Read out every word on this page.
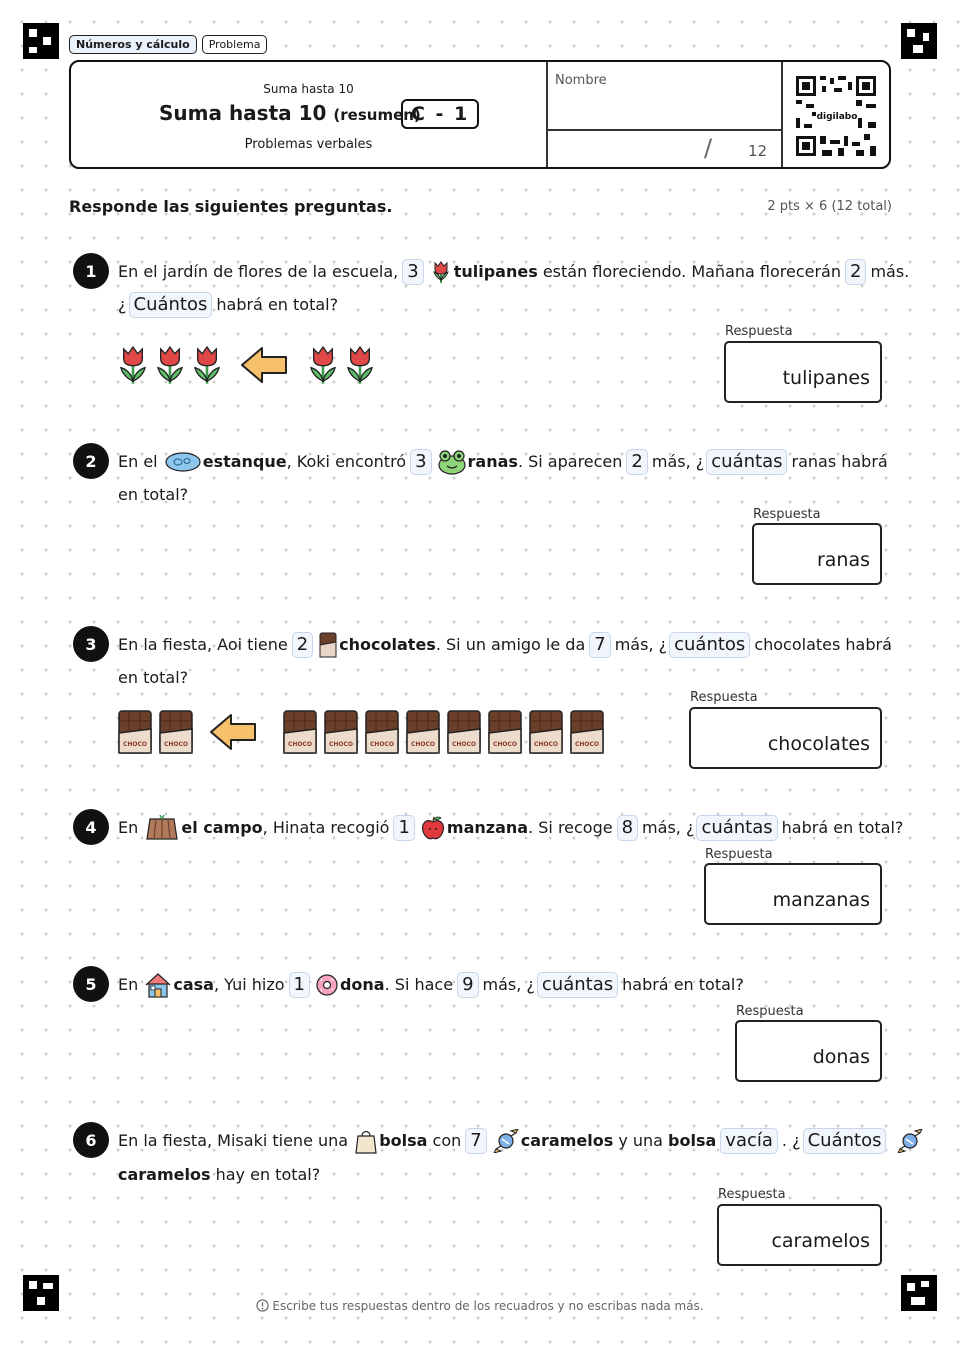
Números y cálculo	Problema
Suma hasta 10
Suma hasta 10 (resumen)
C - 1
Problemas verbales
Nombre
/ 12
digilabo
Responde las siguientes preguntas.	2 pts × 6 (12 total)
1	En el jardín de flores de la escuela, 3	tulipanes
están floreciendo. Mañana florecerán 2 más.
¿ Cuántos habrá en total?
Respuesta
tulipanes
2	En el
	estanque , Koki encontró 3	ranas . Si aparecen 2 más, ¿ cuántas ranas habrá
en total?
Respuesta
ranas
3	En la fiesta, Aoi tiene 2	chocolates . Si un amigo le da 7 más, ¿ cuántos chocolates habrá
en total?
CHOCO	CHOCO	CHOCO	CHOCO	CHOCO	CHOCO	CHOCO	CHOCO	CHOCO	CHOCO
Respuesta
chocolates
4	En
	el campo , Hinata recogió 1	manzana . Si recoge 8 más, ¿ cuántas habrá en total?
Respuesta
manzanas
5	En
casa , Yui hizo 1	dona . Si hace 9 más, ¿ cuántas habrá en total?
Respuesta
donas
6	En la fiesta, Misaki tiene una
bolsa
con 7	caramelos
y una
bolsa vacía . ¿ Cuántos
caramelos
hay en total?
Respuesta
caramelos
Escribe tus respuestas dentro de los recuadros y no escribas nada más.
